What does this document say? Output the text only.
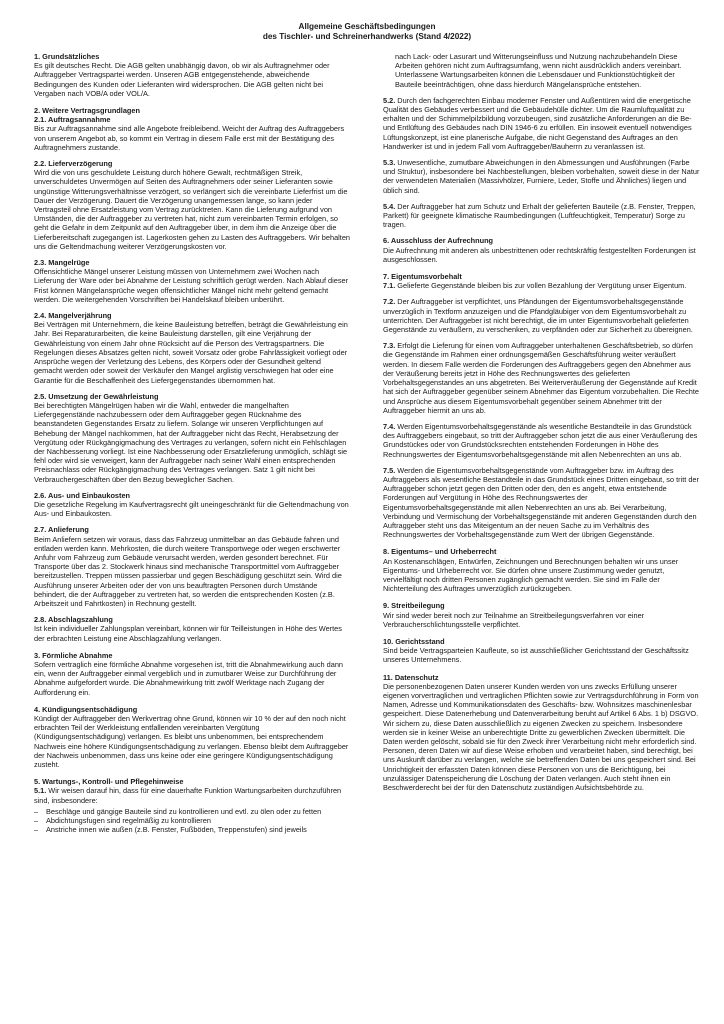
Allgemeine Geschäftsbedingungen
des Tischler- und Schreinerhandwerks (Stand 4/2022)

1. Grundsätzliches

Es gilt deutsches Recht. Die AGB gelten unabhängig davon, ob wir als Auftragnehmer oder Auftraggeber Vertragspartei werden. Unseren AGB entgegenstehende, abweichende Bedingungen des Kunden oder Lieferanten wird widersprochen. Die AGB gelten nicht bei Vergaben nach VOB/A oder VOL/A.

2. Weitere Vertragsgrundlagen

2.1. Auftragsannahme

Bis zur Auftragsannahme sind alle Angebote freibleibend. Weicht der Auftrag des Auftraggebers von unserem Angebot ab, so kommt ein Vertrag in diesem Falle erst mit der Bestätigung des Auftragnehmers zustande.

2.2. Lieferverzögerung

Wird die von uns geschuldete Leistung durch höhere Gewalt, rechtmäßigen Streik, unverschuldetes Unvermögen auf Seiten des Auftragnehmers oder seiner Lieferanten sowie ungünstige Witterungsverhältnisse verzögert, so verlängert sich die vereinbarte Lieferfrist um die Dauer der Verzögerung. Dauert die Verzögerung unangemessen lange, so kann jeder Vertragsteil ohne Ersatzleistung vom Vertrag zurücktreten. Kann die Lieferung aufgrund von Umständen, die der Auftraggeber zu vertreten hat, nicht zum vereinbarten Termin erfolgen, so geht die Gefahr in dem Zeitpunkt auf den Auftraggeber über, in dem ihm die Anzeige über die Lieferbereitschaft zugegangen ist. Lagerkosten gehen zu Lasten des Auftraggebers. Wir behalten uns die Geltendmachung weiterer Verzögerungskosten vor.

2.3. Mangelrüge

Offensichtliche Mängel unserer Leistung müssen von Unternehmern zwei Wochen nach Lieferung der Ware oder bei Abnahme der Leistung schriftlich gerügt werden. Nach Ablauf dieser Frist können Mängelansprüche wegen offensichtlicher Mängel nicht mehr geltend gemacht werden. Die weitergehenden Vorschriften bei Handelskauf bleiben unberührt.

2.4. Mangelverjährung

Bei Verträgen mit Unternehmern, die keine Bauleistung betreffen, beträgt die Gewährleistung ein Jahr. Bei Reparaturarbeiten, die keine Bauleistung darstellen, gilt eine Verjährung der Gewährleistung von einem Jahr ohne Rücksicht auf die Person des Vertragspartners. Die Regelungen dieses Absatzes gelten nicht, soweit Vorsatz oder grobe Fahrlässigkeit vorliegt oder Ansprüche wegen der Verletzung des Lebens, des Körpers oder der Gesundheit geltend gemacht werden oder soweit der Verkäufer den Mangel arglistig verschwiegen hat oder eine Garantie für die Beschaffenheit des Liefergegenstandes übernommen hat.

2.5. Umsetzung der Gewährleistung

Bei berechtigten Mängelrügen haben wir die Wahl, entweder die mangelhaften Liefergegenstände nachzubessern oder dem Auftraggeber gegen Rücknahme des beanstandeten Gegenstandes Ersatz zu liefern. Solange wir unseren Verpflichtungen auf Behebung der Mängel nachkommen, hat der Auftraggeber nicht das Recht, Herabsetzung der Vergütung oder Rückgängigmachung des Vertrages zu verlangen, sofern nicht ein Fehlschlagen der Nachbesserung vorliegt. Ist eine Nachbesserung oder Ersatzlieferung unmöglich, schlägt sie fehl oder wird sie verweigert, kann der Auftraggeber nach seiner Wahl einen entsprechenden Preisnachlass oder Rückgängigmachung des Vertrages verlangen. Satz 1 gilt nicht bei Verbrauchergeschäften über den Bezug beweglicher Sachen.

2.6. Aus- und Einbaukosten

Die gesetzliche Regelung im Kaufvertragsrecht gilt uneingeschränkt für die Geltendmachung von Aus- und Einbaukosten.

2.7. Anlieferung

Beim Anliefern setzen wir voraus, dass das Fahrzeug unmittelbar an das Gebäude fahren und entladen werden kann. Mehrkosten, die durch weitere Transportwege oder wegen erschwerter Anfuhr vom Fahrzeug zum Gebäude verursacht werden, werden gesondert berechnet. Für Transporte über das 2. Stockwerk hinaus sind mechanische Transportmittel vom Auftraggeber bereitzustellen. Treppen müssen passierbar und gegen Beschädigung geschützt sein. Wird die Ausführung unserer Arbeiten oder der von uns beauftragten Personen durch Umstände behindert, die der Auftraggeber zu vertreten hat, so werden die entsprechenden Kosten (z.B. Arbeitszeit und Fahrtkosten) in Rechnung gestellt.

2.8. Abschlagszahlung

Ist kein individueller Zahlungsplan vereinbart, können wir für Teilleistungen in Höhe des Wertes der erbrachten Leistung eine Abschlagzahlung verlangen.

3. Förmliche Abnahme

Sofern vertraglich eine förmliche Abnahme vorgesehen ist, tritt die Abnahmewirkung auch dann ein, wenn der Auftraggeber einmal vergeblich und in zumutbarer Weise zur Durchführung der Abnahme aufgefordert wurde. Die Abnahmewirkung tritt zwölf Werktage nach Zugang der Aufforderung ein.

4. Kündigungsentschädigung

Kündigt der Auftraggeber den Werkvertrag ohne Grund, können wir 10 % der auf den noch nicht erbrachten Teil der Werkleistung entfallenden vereinbarten Vergütung (Kündigungsentschädigung) verlangen. Es bleibt uns unbenommen, bei entsprechendem Nachweis eine höhere Kündigungsentschädigung zu verlangen. Ebenso bleibt dem Auftraggeber der Nachweis unbenommen, dass uns keine oder eine geringere Kündigungsentschädigung zusteht.

5. Wartungs-, Kontroll- und Pflegehinweise

5.1. Wir weisen darauf hin, dass für eine dauerhafte Funktion Wartungsarbeiten durchzuführen sind, insbesondere:

– Beschläge und gängige Bauteile sind zu kontrollieren und evtl. zu ölen oder zu fetten
– Abdichtungsfugen sind regelmäßig zu kontrollieren
– Anstriche innen wie außen (z.B. Fenster, Fußböden, Treppenstufen) sind jeweils

nach Lack- oder Lasurart und Witterungseinfluss und Nutzung nachzubehandeln Diese Arbeiten gehören nicht zum Auftragsumfang, wenn nicht ausdrücklich anders vereinbart. Unterlassene Wartungsarbeiten können die Lebensdauer und Funktionstüchtigkeit der Bauteile beeinträchtigen, ohne dass hierdurch Mängelansprüche entstehen.

5.2. Durch den fachgerechten Einbau moderner Fenster und Außentüren wird die energetische Qualität des Gebäudes verbessert und die Gebäudehülle dichter. Um die Raumluftqualität zu erhalten und der Schimmelpilzbildung vorzubeugen, sind zusätzliche Anforderungen an die Be- und Entlüftung des Gebäudes nach DIN 1946-6 zu erfüllen. Ein insoweit eventuell notwendiges Lüftungskonzept, ist eine planerische Aufgabe, die nicht Gegenstand des Auftrages an den Handwerker ist und in jedem Fall vom Auftraggeber/Bauherrn zu veranlassen ist.

5.3. Unwesentliche, zumutbare Abweichungen in den Abmessungen und Ausführungen (Farbe und Struktur), insbesondere bei Nachbestellungen, bleiben vorbehalten, soweit diese in der Natur der verwendeten Materialien (Massivhölzer, Furniere, Leder, Stoffe und Ähnliches) liegen und üblich sind.

5.4. Der Auftraggeber hat zum Schutz und Erhalt der gelieferten Bauteile (z.B. Fenster, Treppen, Parkett) für geeignete klimatische Raumbedingungen (Luftfeuchtigkeit, Temperatur) Sorge zu tragen.

6. Ausschluss der Aufrechnung

Die Aufrechnung mit anderen als unbestrittenen oder rechtskräftig festgestellten Forderungen ist ausgeschlossen.

7. Eigentumsvorbehalt

7.1. Gelieferte Gegenstände bleiben bis zur vollen Bezahlung der Vergütung unser Eigentum.

7.2. Der Auftraggeber ist verpflichtet, uns Pfändungen der Eigentumsvorbehaltsgegenstände unverzüglich in Textform anzuzeigen und die Pfandgläubiger von dem Eigentumsvorbehalt zu unterrichten. Der Auftraggeber ist nicht berechtigt, die im unter Eigentumsvorbehalt gelieferten Gegenstände zu veräußern, zu verschenken, zu verpfänden oder zur Sicherheit zu übereignen.

7.3. Erfolgt die Lieferung für einen vom Auftraggeber unterhaltenen Geschäftsbetrieb, so dürfen die Gegenstände im Rahmen einer ordnungsgemäßen Geschäftsführung weiter veräußert werden. In diesem Falle werden die Forderungen des Auftraggebers gegen den Abnehmer aus der Veräußerung bereits jetzt in Höhe des Rechnungswertes des gelieferten Vorbehaltsgegenstandes an uns abgetreten. Bei Weiterveräußerung der Gegenstände auf Kredit hat sich der Auftraggeber gegenüber seinem Abnehmer das Eigentum vorzubehalten. Die Rechte und Ansprüche aus diesem Eigentumsvorbehalt gegenüber seinem Abnehmer tritt der Auftraggeber hiermit an uns ab.

7.4. Werden Eigentumsvorbehaltsgegenstände als wesentliche Bestandteile in das Grundstück des Auftraggebers eingebaut, so tritt der Auftraggeber schon jetzt die aus einer Veräußerung des Grundstückes oder von Grundstücksrechten entstehenden Forderungen in Höhe des Rechnungswertes der Eigentumsvorbehaltsgegenstände mit allen Nebenrechten an uns ab.

7.5. Werden die Eigentumsvorbehaltsgegenstände vom Auftraggeber bzw. im Auftrag des Auftraggebers als wesentliche Bestandteile in das Grundstück eines Dritten eingebaut, so tritt der Auftraggeber schon jetzt gegen den Dritten oder den, den es angeht, etwa entstehende Forderungen auf Vergütung in Höhe des Rechnungswertes der Eigentumsvorbehaltsgegenstände mit allen Nebenrechten an uns ab. Bei Verarbeitung, Verbindung und Vermischung der Vorbehaltsgegenstände mit anderen Gegenständen durch den Auftraggeber steht uns das Miteigentum an der neuen Sache zu im Verhältnis des Rechnungswertes der Vorbehaltsgegenstände zum Wert der übrigen Gegenstände.

8. Eigentums– und Urheberrecht

An Kostenanschlägen, Entwürfen, Zeichnungen und Berechnungen behalten wir uns unser Eigentums- und Urheberrecht vor. Sie dürfen ohne unsere Zustimmung weder genutzt, vervielfältigt noch dritten Personen zugänglich gemacht werden. Sie sind im Falle der Nichterteilung des Auftrages unverzüglich zurückzugeben.

9. Streitbeilegung

Wir sind weder bereit noch zur Teilnahme an Streitbeilegungsverfahren vor einer Verbraucherschlichtungsstelle verpflichtet.

10. Gerichtsstand

Sind beide Vertragsparteien Kaufleute, so ist ausschließlicher Gerichtsstand der Geschäftssitz unseres Unternehmens.

11. Datenschutz

Die personenbezogenen Daten unserer Kunden werden von uns zwecks Erfüllung unserer eigenen vorvertraglichen und vertraglichen Pflichten sowie zur Vertragsdurchführung in Form von Namen, Adresse und Kommunikationsdaten des Geschäfts- bzw. Wohnsitzes maschinenlesbar gespeichert. Diese Datenerhebung und Datenverarbeitung beruht auf Artikel 6 Abs. 1 b) DSGVO. Wir sichern zu, diese Daten ausschließlich zu eigenen Zwecken zu speichern. Insbesondere werden sie in keiner Weise an unberechtigte Dritte zu gewerblichen Zwecken übermittelt. Die Daten werden gelöscht, sobald sie für den Zweck ihrer Verarbeitung nicht mehr erforderlich sind. Personen, deren Daten wir auf diese Weise erhoben und verarbeitet haben, sind berechtigt, bei uns Auskunft darüber zu verlangen, welche sie betreffenden Daten bei uns gespeichert sind. Bei Unrichtigkeit der erfassten Daten können diese Personen von uns die Berichtigung, bei unzulässiger Datenspeicherung die Löschung der Daten verlangen. Auch steht ihnen ein Beschwerderecht bei der für den Datenschutz zuständigen Aufsichtsbehörde zu.
